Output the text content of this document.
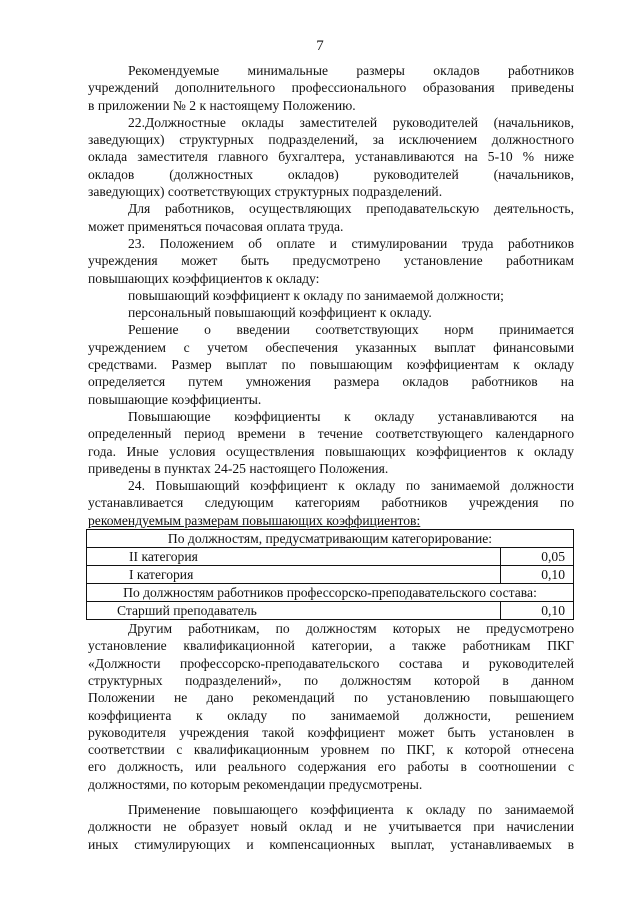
7

Рекомендуемые минимальные размеры окладов работников

учреждений дополнительного профессионального образования приведены

в приложении № 2 к настоящему Положению.

22.Должностные оклады заместителей руководителей (начальников,

заведующих) структурных подразделений, за исключением должностного

оклада заместителя главного бухгалтера, устанавливаются на 5-10 % ниже

окладов (должностных окладов) руководителей (начальников,

заведующих) соответствующих структурных подразделений.

Для работников, осуществляющих преподавательскую деятельность,

может применяться почасовая оплата труда.

23. Положением об оплате и стимулировании труда работников

учреждения может быть предусмотрено установление работникам

повышающих коэффициентов к окладу:

повышающий коэффициент к окладу по занимаемой должности;

персональный повышающий коэффициент к окладу.

Решение о введении соответствующих норм принимается

учреждением с учетом обеспечения указанных выплат финансовыми

средствами. Размер выплат по повышающим коэффициентам к окладу

определяется путем умножения размера окладов работников на

повышающие коэффициенты.

Повышающие коэффициенты к окладу устанавливаются на

определенный период времени в течение соответствующего календарного

года. Иные условия осуществления повышающих коэффициентов к окладу

приведены в пунктах 24-25 настоящего Положения.

24. Повышающий коэффициент к окладу по занимаемой должности

устанавливается следующим категориям работников учреждения по

рекомендуемым размерам повышающих коэффициентов:

По должностям, предусматривающим категорирование:	
II категория	0,05
I категория	0,10
По должностям работников профессорско-преподавательского состава:	
Старший преподаватель	0,10

Другим работникам, по должностям которых не предусмотрено

установление квалификационной категории, а также работникам ПКГ

«Должности профессорско-преподавательского состава и руководителей

структурных подразделений», по должностям которой в данном

Положении не дано рекомендаций по установлению повышающего

коэффициента к окладу по занимаемой должности, решением

руководителя учреждения такой коэффициент может быть установлен в

соответствии с квалификационным уровнем по ПКГ, к которой отнесена

его должность, или реального содержания его работы в соотношении с

должностями, по которым рекомендации предусмотрены.

Применение повышающего коэффициента к окладу по занимаемой

должности не образует новый оклад и не учитывается при начислении

иных стимулирующих и компенсационных выплат, устанавливаемых в
